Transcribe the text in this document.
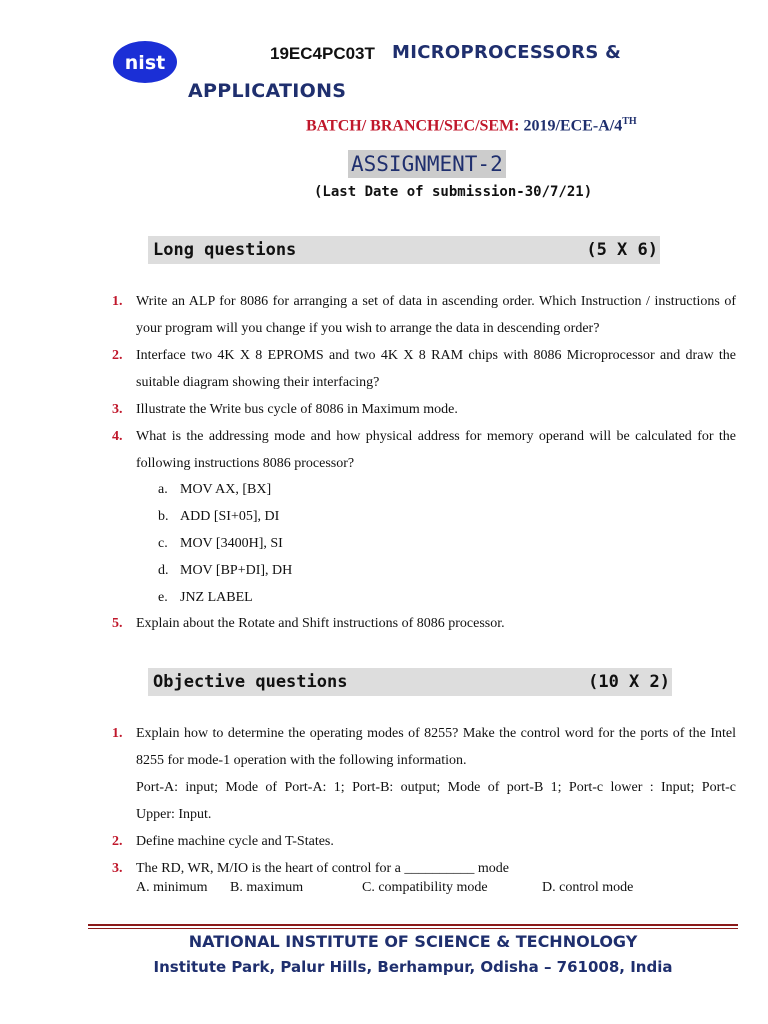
nist	19EC4PC03T MICROPROCESSORS &
APPLICATIONS
BATCH/ BRANCH/SEC/SEM: 2019/ECE-A/4TH
ASSIGNMENT-2
(Last Date of submission-30/7/21)
Long questions	(5 X 6)
1. Write an ALP for 8086 for arranging a set of data in ascending order. Which Instruction / instructions of your program will you change if you wish to arrange the data in descending order?
2. Interface two 4K X 8 EPROMS and two 4K X 8 RAM chips with 8086 Microprocessor and draw the suitable diagram showing their interfacing?
3. Illustrate the Write bus cycle of 8086 in Maximum mode.
4. What is the addressing mode and how physical address for memory operand will be calculated for the following instructions 8086 processor?
a. MOV AX, [BX]
b. ADD [SI+05], DI
c. MOV [3400H], SI
d. MOV [BP+DI], DH
e. JNZ LABEL
5. Explain about the Rotate and Shift instructions of 8086 processor.
Objective questions	(10 X 2)
1. Explain how to determine the operating modes of 8255? Make the control word for the ports of the Intel 8255 for mode-1 operation with the following information.
Port-A: input; Mode of Port-A: 1; Port-B: output; Mode of port-B 1; Port-c lower : Input; Port-c
Upper: Input.
2. Define machine cycle and T-States.
3. The RD, WR, M/IO is the heart of control for a __________ mode
A. minimum B. maximum	C. compatibility mode	D. control mode
NATIONAL INSTITUTE OF SCIENCE & TECHNOLOGY
Institute Park, Palur Hills, Berhampur, Odisha – 761008, India
